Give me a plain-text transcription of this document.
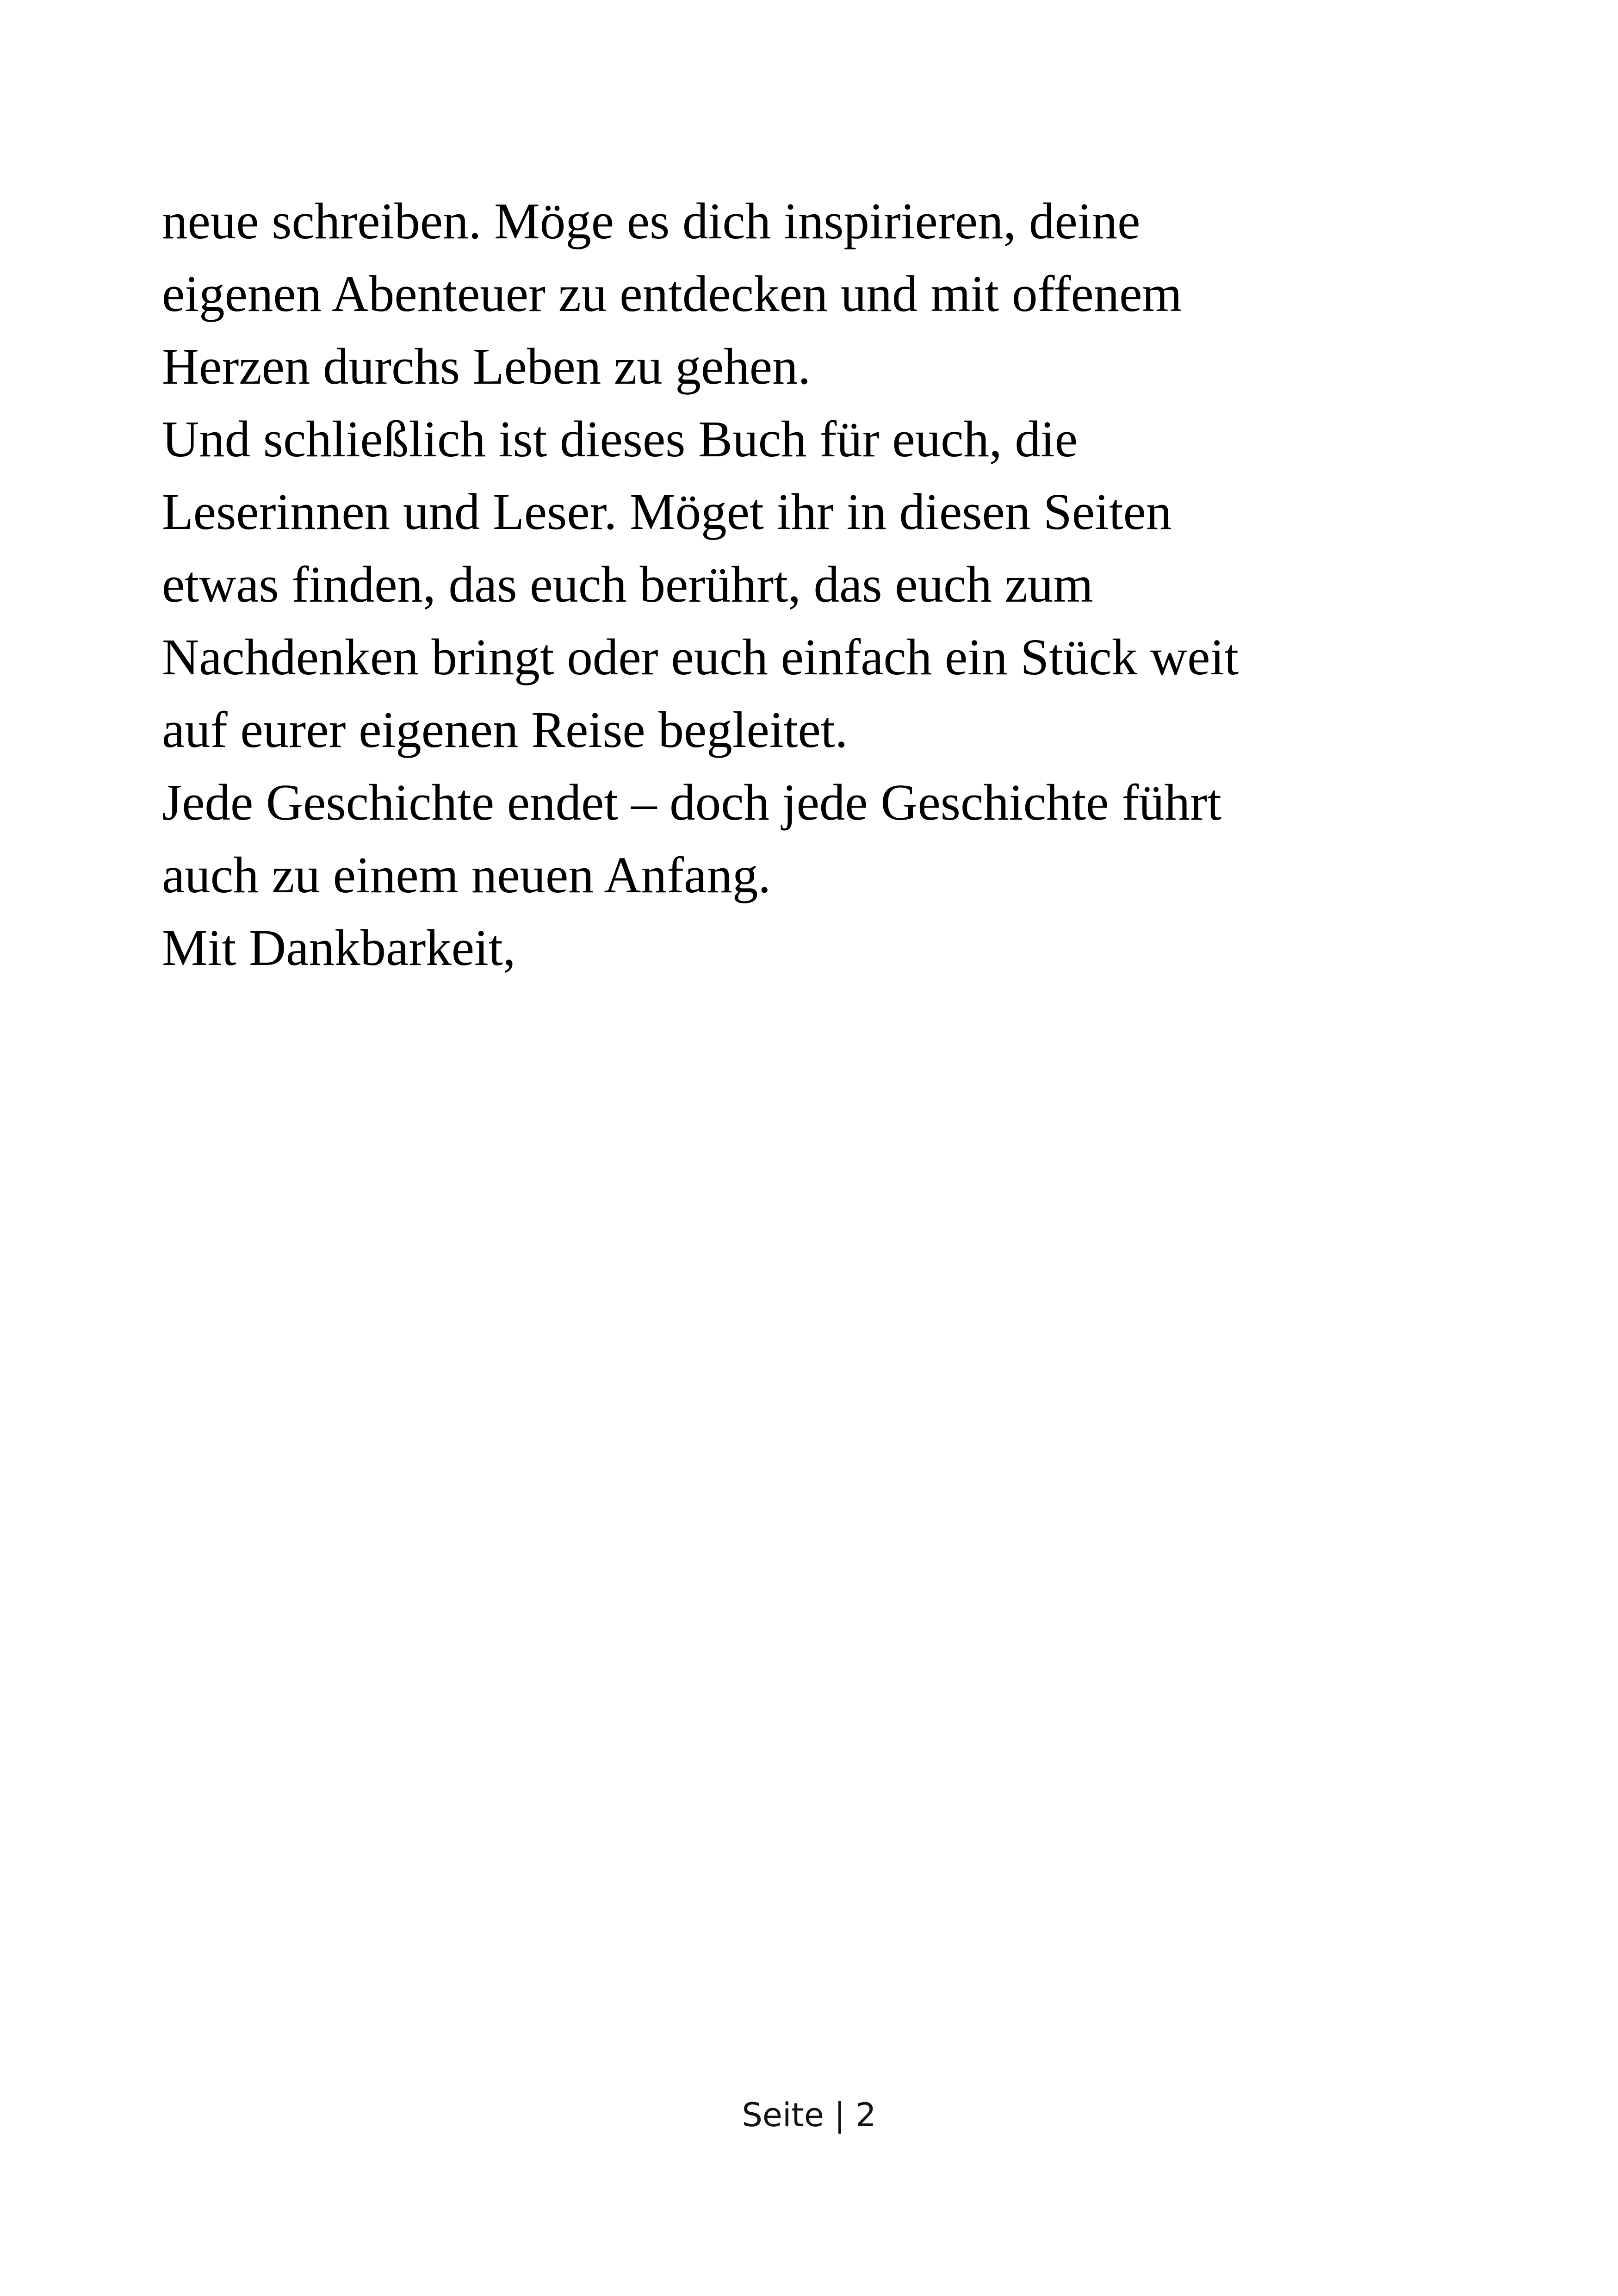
neue schreiben. Möge es dich inspirieren, deine
eigenen Abenteuer zu entdecken und mit offenem
Herzen durchs Leben zu gehen.
Und schließlich ist dieses Buch für euch, die
Leserinnen und Leser. Möget ihr in diesen Seiten
etwas finden, das euch berührt, das euch zum
Nachdenken bringt oder euch einfach ein Stück weit
auf eurer eigenen Reise begleitet.
Jede Geschichte endet – doch jede Geschichte führt
auch zu einem neuen Anfang.
Mit Dankbarkeit,
Seite | 2
